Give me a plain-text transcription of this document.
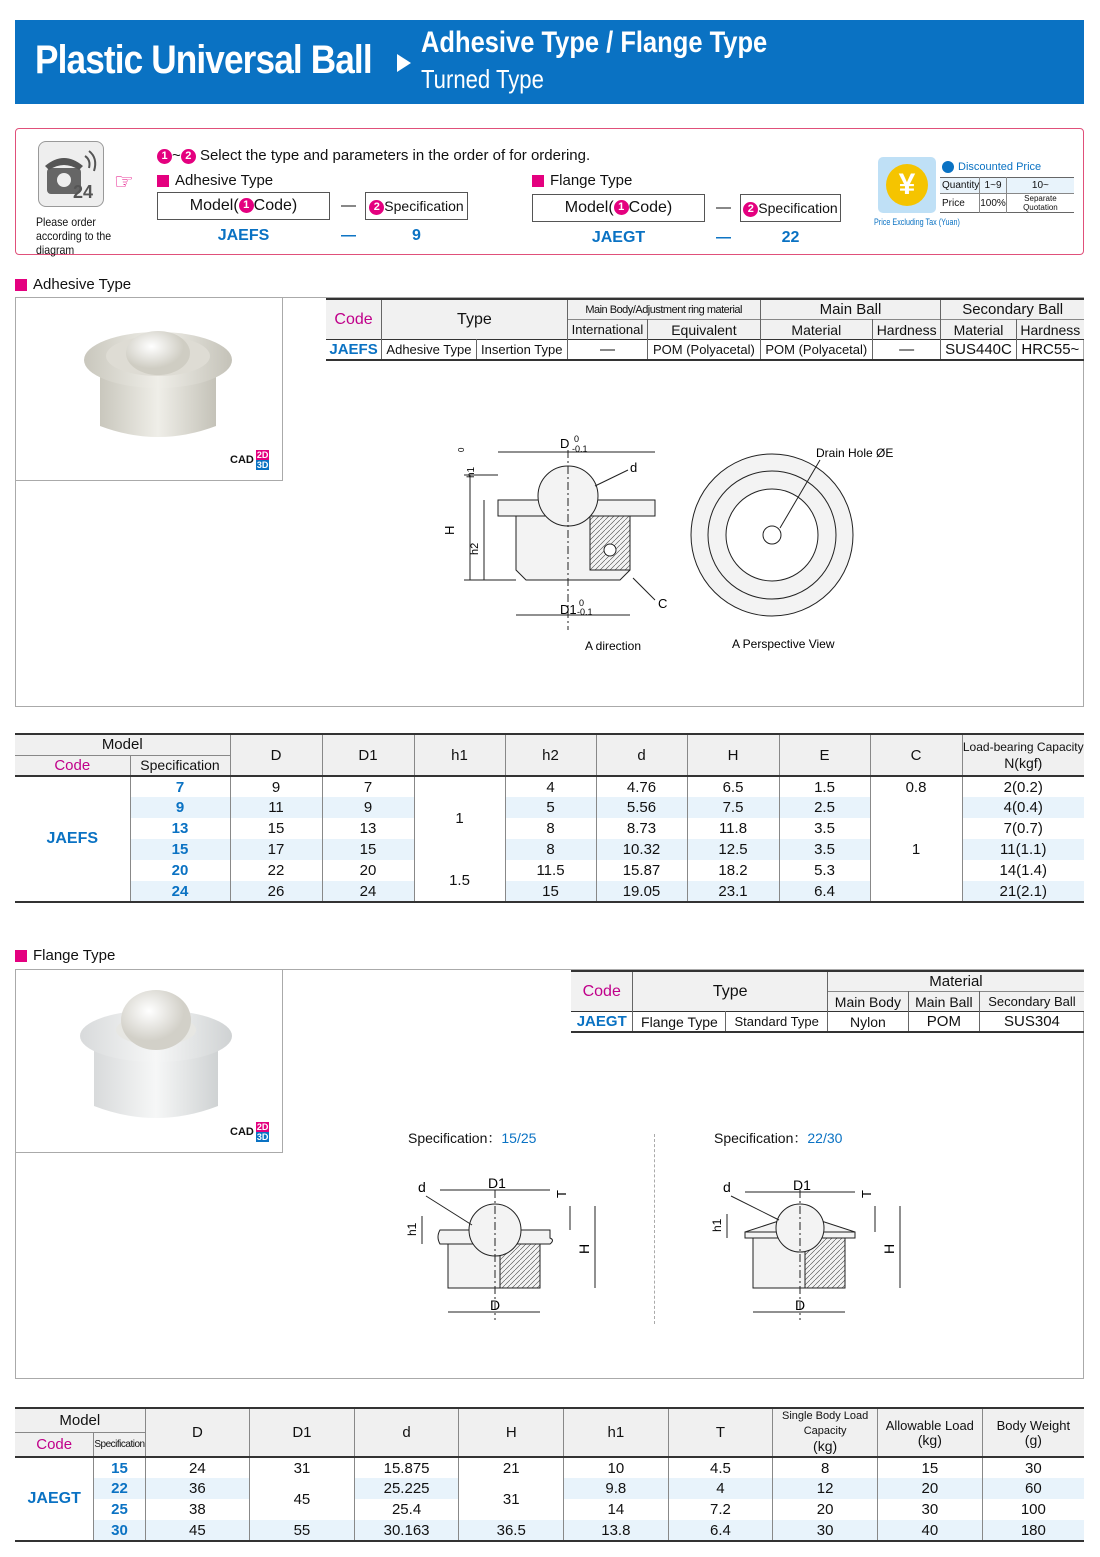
Plastic Universal Ball Adhesive Type / Flange Type
Turned Type
24
Please order according to the diagram
☞
1 ~ 2 Select the type and parameters in the order of for ordering.
Adhesive Type
Model( 1 Code)	—	2 Specification
JAEFS	—	9
Flange Type
Model( 1 Code)	—	2 Specification
JAEGT	—	22
¥
Price Excluding Tax (Yuan)
Discounted Price
Quantity	1~9	10~
Price	100%	Separate Quotation
Adhesive Type
CAD 2D
3D
Code	Type		Main Body/Adjustment ring material		Main Ball		Secondary Ball	
			International	Equivalent	Material	Hardness	Material	Hardness
JAEFS	Adhesive Type	Insertion Type	—	POM (Polyacetal)	POM (Polyacetal)	—	SUS440C	HRC55~
D 0
-0.1
d
H
h2
h1
0
D1 0
-0.1
C
A direction
Drain Hole ØE
A Perspective View
Model		D	D1	h1	h2	d	H	E	C	Load-bearing Capacity
N(kgf)
Code	Specification									
JAEFS	7	9	7	1	4	4.76	6.5	1.5	0.8	2(0.2)
	9	11	9		5	5.56	7.5	2.5	1	4(0.4)
	13	15	13		8	8.73	11.8	3.5		7(0.7)
	15	17	15		8	10.32	12.5	3.5		11(1.1)
	20	22	20	1.5	11.5	15.87	18.2	5.3		14(1.4)
	24	26	24		15	19.05	23.1	6.4		21(2.1)
Flange Type
CAD 2D
3D
Code	Type		Material		
			Main Body	Main Ball	Secondary Ball
JAEGT	Flange Type	Standard Type	Nylon	POM	SUS304
Specification：15/25	Specification：22/30
D1
d	T
H
h1
D
D1
d	T
H
h1
D
Model		D	D1	d	H	h1	T	Single Body Load Capacity
(kg)	Allowable Load
(kg)	Body Weight
(g)
Code	Specification									
JAEGT	15	24	31	15.875	21	10	4.5	8	15	30
	22	36	45	25.225	31	9.8	4	12	20	60
	25	38		25.4		14	7.2	20	30	100
	30	45	55	30.163	36.5	13.8	6.4	30	40	180
